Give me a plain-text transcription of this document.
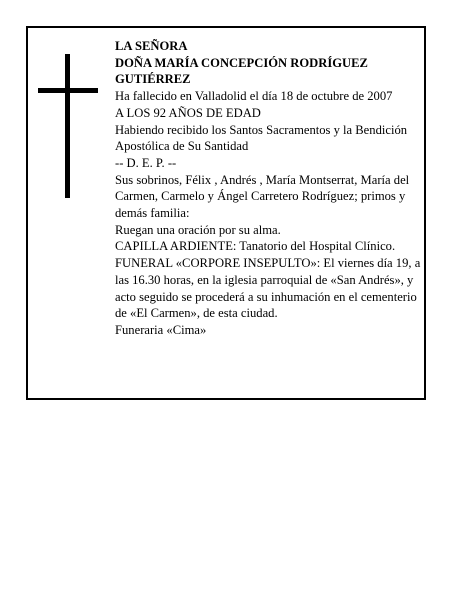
LA SEÑORA

DOÑA MARÍA CONCEPCIÓN RODRÍGUEZ GUTIÉRREZ

Ha fallecido en Valladolid el día 18 de octubre de 2007

A LOS 92 AÑOS DE EDAD

Habiendo recibido los Santos Sacramentos y la Bendición Apostólica de Su Santidad

-- D. E. P. --

Sus sobrinos, Félix , Andrés , María Montserrat, María del Carmen, Carmelo y Ángel Carretero Rodríguez; primos y demás familia:

Ruegan una oración por su alma.

CAPILLA ARDIENTE: Tanatorio del Hospital Clínico.

FUNERAL «CORPORE INSEPULTO»: El viernes día 19, a las 16.30 horas, en la iglesia parroquial de «San Andrés», y acto seguido se procederá a su inhumación en el cementerio de «El Carmen», de esta ciudad.

Funeraria «Cima»
